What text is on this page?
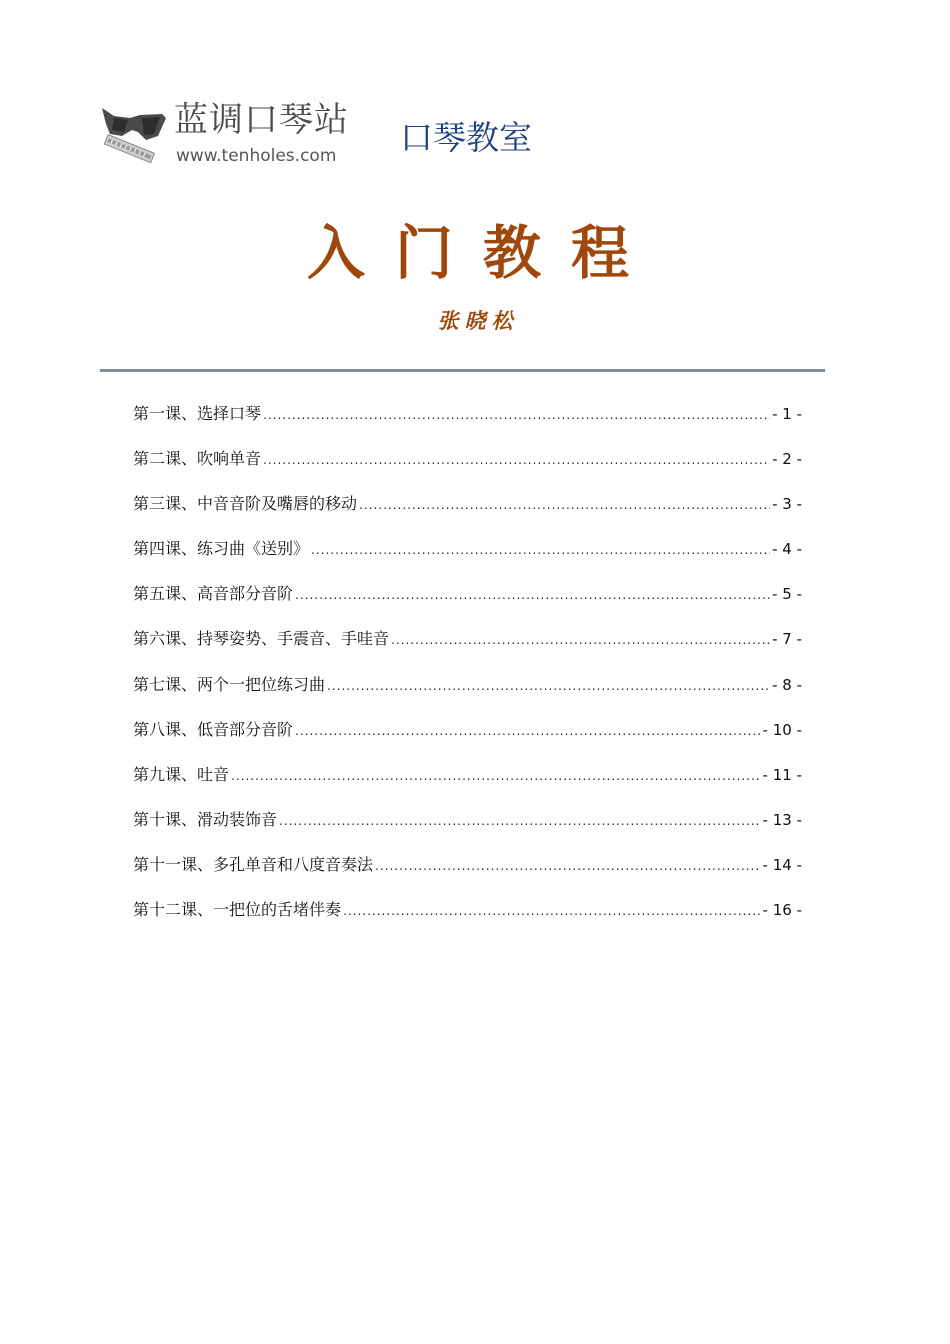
蓝调口琴站
www.tenholes.com 口琴教室
入门教程
张晓松
第一课、选择口琴 .....	- 1 -
第二课、吹响单音 .....	- 2 -
第三课、中音音阶及嘴唇的移动 .....	- 3 -
第四课、练习曲《送别》 .....	- 4 -
第五课、高音部分音阶 .....	- 5 -
第六课、持琴姿势、手震音、手哇音 .....	- 7 -
第七课、两个一把位练习曲 .....	- 8 -
第八课、低音部分音阶 .....	- 10 -
第九课、吐音 .....	- 11 -
第十课、滑动装饰音 .....	- 13 -
第十一课、多孔单音和八度音奏法 .....	- 14 -
第十二课、一把位的舌堵伴奏 .....	- 16 -
